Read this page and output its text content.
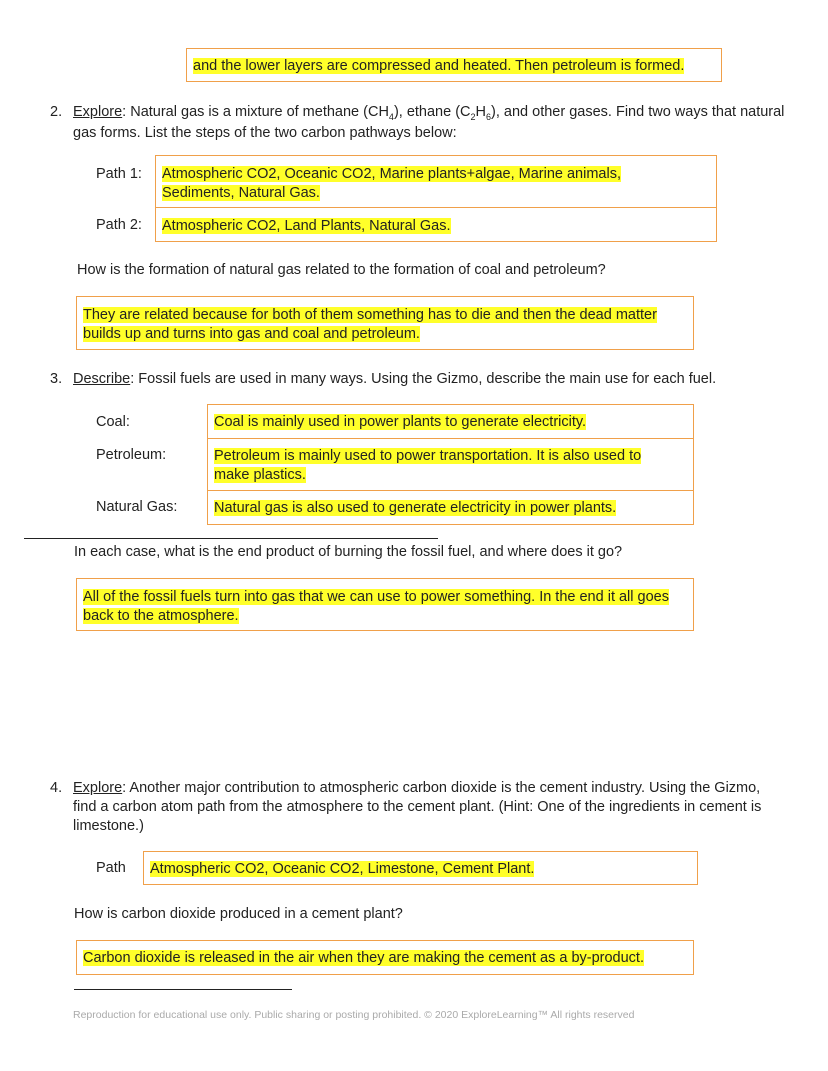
and the lower layers are compressed and heated. Then petroleum is formed.
2. Explore: Natural gas is a mixture of methane $(CH_4)$, ethane $(C_2H_6)$, and other gases. Find two ways that natural gas forms. List the steps of the two carbon pathways below:
Path 1: Atmospheric CO2, Oceanic CO2, Marine plants+algae, Marine animals, Sediments, Natural Gas.
Atmospheric CO2, Land Plants, Natural Gas.
Path 2:
How is the formation of natural gas related to the formation of coal and petroleum?
They are related because for both of them something has to die and then the dead matter builds up and turns into gas and coal and petroleum.
3. Describe: Fossil fuels are used in many ways. Using the Gizmo, describe the main use for each fuel.
Coal:
Petroleum:
Natural Gas:
Coal is mainly used in power plants to generate electricity.
Petroleum is mainly used to power transportation. It is also used to make plastics.
Natural gas is also used to generate electricity in power plants.
In each case, what is the end product of burning the fossil fuel, and where does it go?
All of the fossil fuels turn into gas that we can use to power something. In the end it all goes back to the atmosphere.
4. Explore: Another major contribution to atmospheric carbon dioxide is the cement industry. Using the Gizmo, find a carbon atom path from the atmosphere to the cement plant. (Hint: One of the ingredients in cement is limestone.)
Path Atmospheric CO2, Oceanic CO2, Limestone, Cement Plant.
How is carbon dioxide produced in a cement plant?
Carbon dioxide is released in the air when they are making the cement as a by-product.
Reproduction for educational use only. Public sharing or posting prohibited. © 2020 ExploreLearning™ All rights reserved
